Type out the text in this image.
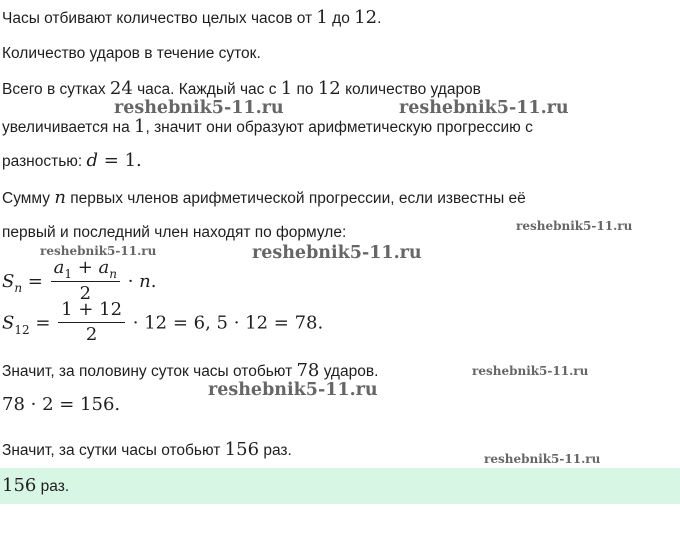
Часы отбивают количество целых часов от 1 до 12.
Количество ударов в течение суток.
Всего в сутках 24 часа. Каждый час с 1 по 12 количество ударов
увеличивается на 1, значит они образуют арифметическую прогрессию с
разностью: d = 1.
Сумму n первых членов арифметической прогрессии, если известны её
первый и последний член находят по формуле:
$S_n = \frac{a_1 + a_n}{2} \cdot n$.
$S_{12} = \frac{1 + 12}{2} \cdot 12 = 6$, 5 · 12 = 78.
Значит, за половину суток часы отобьют 78 ударов.
78 · 2 = 156.
Значит, за сутки часы отобьют 156 раз.
156 раз.
reshebnik5-11.ru	reshebnik5-11.ru
reshebnik5-11.ru
reshebnik5-11.ru	reshebnik5-11.ru
reshebnik5-11.ru
reshebnik5-11.ru
reshebnik5-11.ru
